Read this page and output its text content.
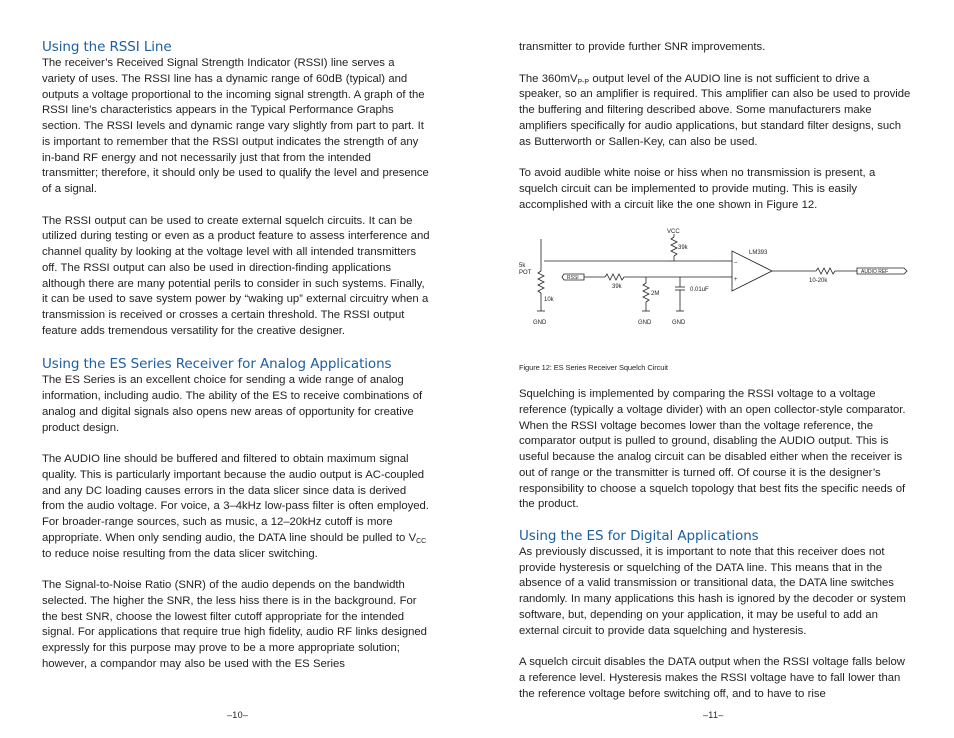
Using the RSSI Line

The receiver’s Received Signal Strength Indicator (RSSI) line serves a variety of uses. The RSSI line has a dynamic range of 60dB (typical) and outputs a voltage proportional to the incoming signal strength. A graph of the RSSI line’s characteristics appears in the Typical Performance Graphs section. The RSSI levels and dynamic range vary slightly from part to part. It is important to remember that the RSSI output indicates the strength of any in-band RF energy and not necessarily just that from the intended transmitter; therefore, it should only be used to qualify the level and presence of a signal.

The RSSI output can be used to create external squelch circuits. It can be utilized during testing or even as a product feature to assess interference and channel quality by looking at the voltage level with all intended transmitters off. The RSSI output can also be used in direction-finding applications although there are many potential perils to consider in such systems. Finally, it can be used to save system power by “waking up” external circuitry when a transmission is received or crosses a certain threshold. The RSSI output feature adds tremendous versatility for the creative designer.

Using the ES Series Receiver for Analog Applications

The ES Series is an excellent choice for sending a wide range of analog information, including audio. The ability of the ES to receive combinations of analog and digital signals also opens new areas of opportunity for creative product design.

The AUDIO line should be buffered and filtered to obtain maximum signal quality. This is particularly important because the audio output is AC-coupled and any DC loading causes errors in the data slicer since data is derived from the audio voltage. For voice, a 3–4kHz low-pass filter is often employed. For broader-range sources, such as music, a 12–20kHz cutoff is more appropriate. When only sending audio, the DATA line should be pulled to $V_{CC}$ to reduce noise resulting from the data slicer switching.

The Signal-to-Noise Ratio (SNR) of the audio depends on the bandwidth selected. The higher the SNR, the less hiss there is in the background. For the best SNR, choose the lowest filter cutoff appropriate for the intended signal. For applications that require true high fidelity, audio RF links designed expressly for this purpose may prove to be a more appropriate solution; however, a compandor may also be used with the ES Series

–10–

transmitter to provide further SNR improvements.

The $360mV_{P-P}$ output level of the AUDIO line is not sufficient to drive a speaker, so an amplifier is required. This amplifier can also be used to provide the buffering and filtering described above. Some manufacturers make amplifiers specifically for audio applications, but standard filter designs, such as Butterworth or Sallen-Key, can also be used.

To avoid audible white noise or hiss when no transmission is present, a squelch circuit can be implemented to provide muting. This is easily accomplished with a circuit like the one shown in Figure 12.

VCC
39k
5k
POT
10k
RSSI
39k
2M
0.01uF
GND	GND	GND
LM393
–
+	10-20k
AUDIO REF
Figure 12: ES Series Receiver Squelch Circuit

Squelching is implemented by comparing the RSSI voltage to a voltage reference (typically a voltage divider) with an open collector-style comparator. When the RSSI voltage becomes lower than the voltage reference, the comparator output is pulled to ground, disabling the AUDIO output. This is useful because the analog circuit can be disabled either when the receiver is out of range or the transmitter is turned off. Of course it is the designer’s responsibility to choose a squelch topology that best fits the specific needs of the product.

Using the ES for Digital Applications

As previously discussed, it is important to note that this receiver does not provide hysteresis or squelching of the DATA line. This means that in the absence of a valid transmission or transitional data, the DATA line switches randomly. In many applications this hash is ignored by the decoder or system software, but, depending on your application, it may be useful to add an external circuit to provide data squelching and hysteresis.

A squelch circuit disables the DATA output when the RSSI voltage falls below a reference level. Hysteresis makes the RSSI voltage have to fall lower than the reference voltage before switching off, and to have to rise

–11–
